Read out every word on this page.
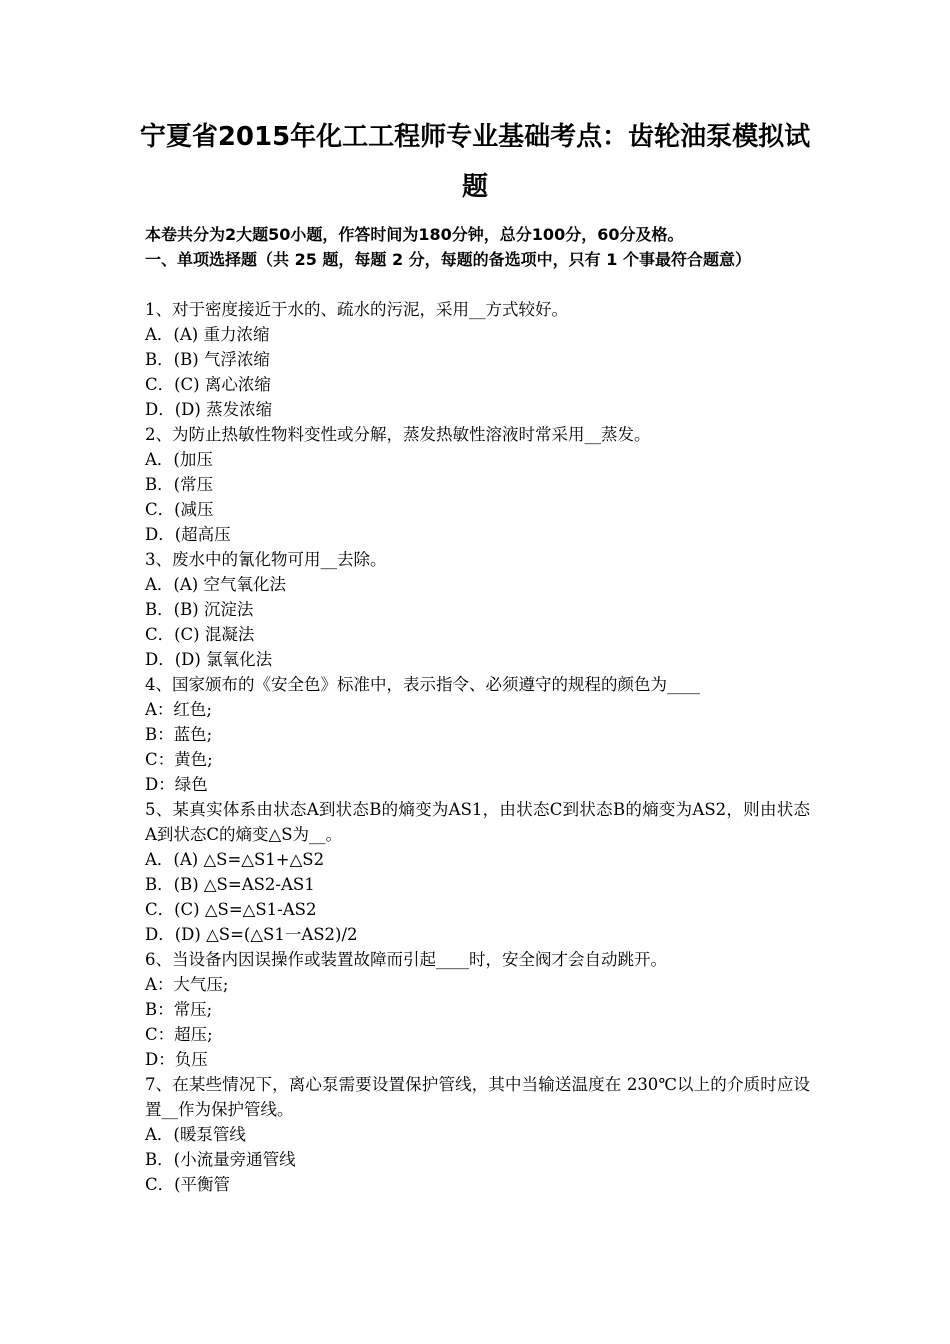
宁夏省2015年化工工程师专业基础考点：齿轮油泵模拟试题
本卷共分为2大题50小题，作答时间为180分钟，总分100分，60分及格。
一、单项选择题（共 25 题，每题 2 分，每题的备选项中，只有 1 个事最符合题意）
1、对于密度接近于水的、疏水的污泥，采用__方式较好。
A．(A) 重力浓缩
B．(B) 气浮浓缩
C．(C) 离心浓缩
D．(D) 蒸发浓缩
2、为防止热敏性物料变性或分解，蒸发热敏性溶液时常采用__蒸发。
A．(加压
B．(常压
C．(减压
D．(超高压
3、废水中的氰化物可用__去除。
A．(A) 空气氧化法
B．(B) 沉淀法
C．(C) 混凝法
D．(D) 氯氧化法
4、国家颁布的《安全色》标准中，表示指令、必须遵守的规程的颜色为____
A：红色;
B：蓝色;
C：黄色;
D：绿色
5、某真实体系由状态A到状态B的熵变为AS1，由状态C到状态B的熵变为AS2，则由状态A到状态C的熵变△S为__。
A．(A) △S=△S1+△S2
B．(B) △S=AS2-AS1
C．(C) △S=△S1-AS2
D．(D) △S=(△S1一AS2)/2
6、当设备内因误操作或装置故障而引起____时，安全阀才会自动跳开。
A：大气压;
B：常压;
C：超压;
D：负压
7、在某些情况下，离心泵需要设置保护管线，其中当输送温度在 230℃以上的介质时应设置__作为保护管线。
A．(暖泵管线
B．(小流量旁通管线
C．(平衡管
